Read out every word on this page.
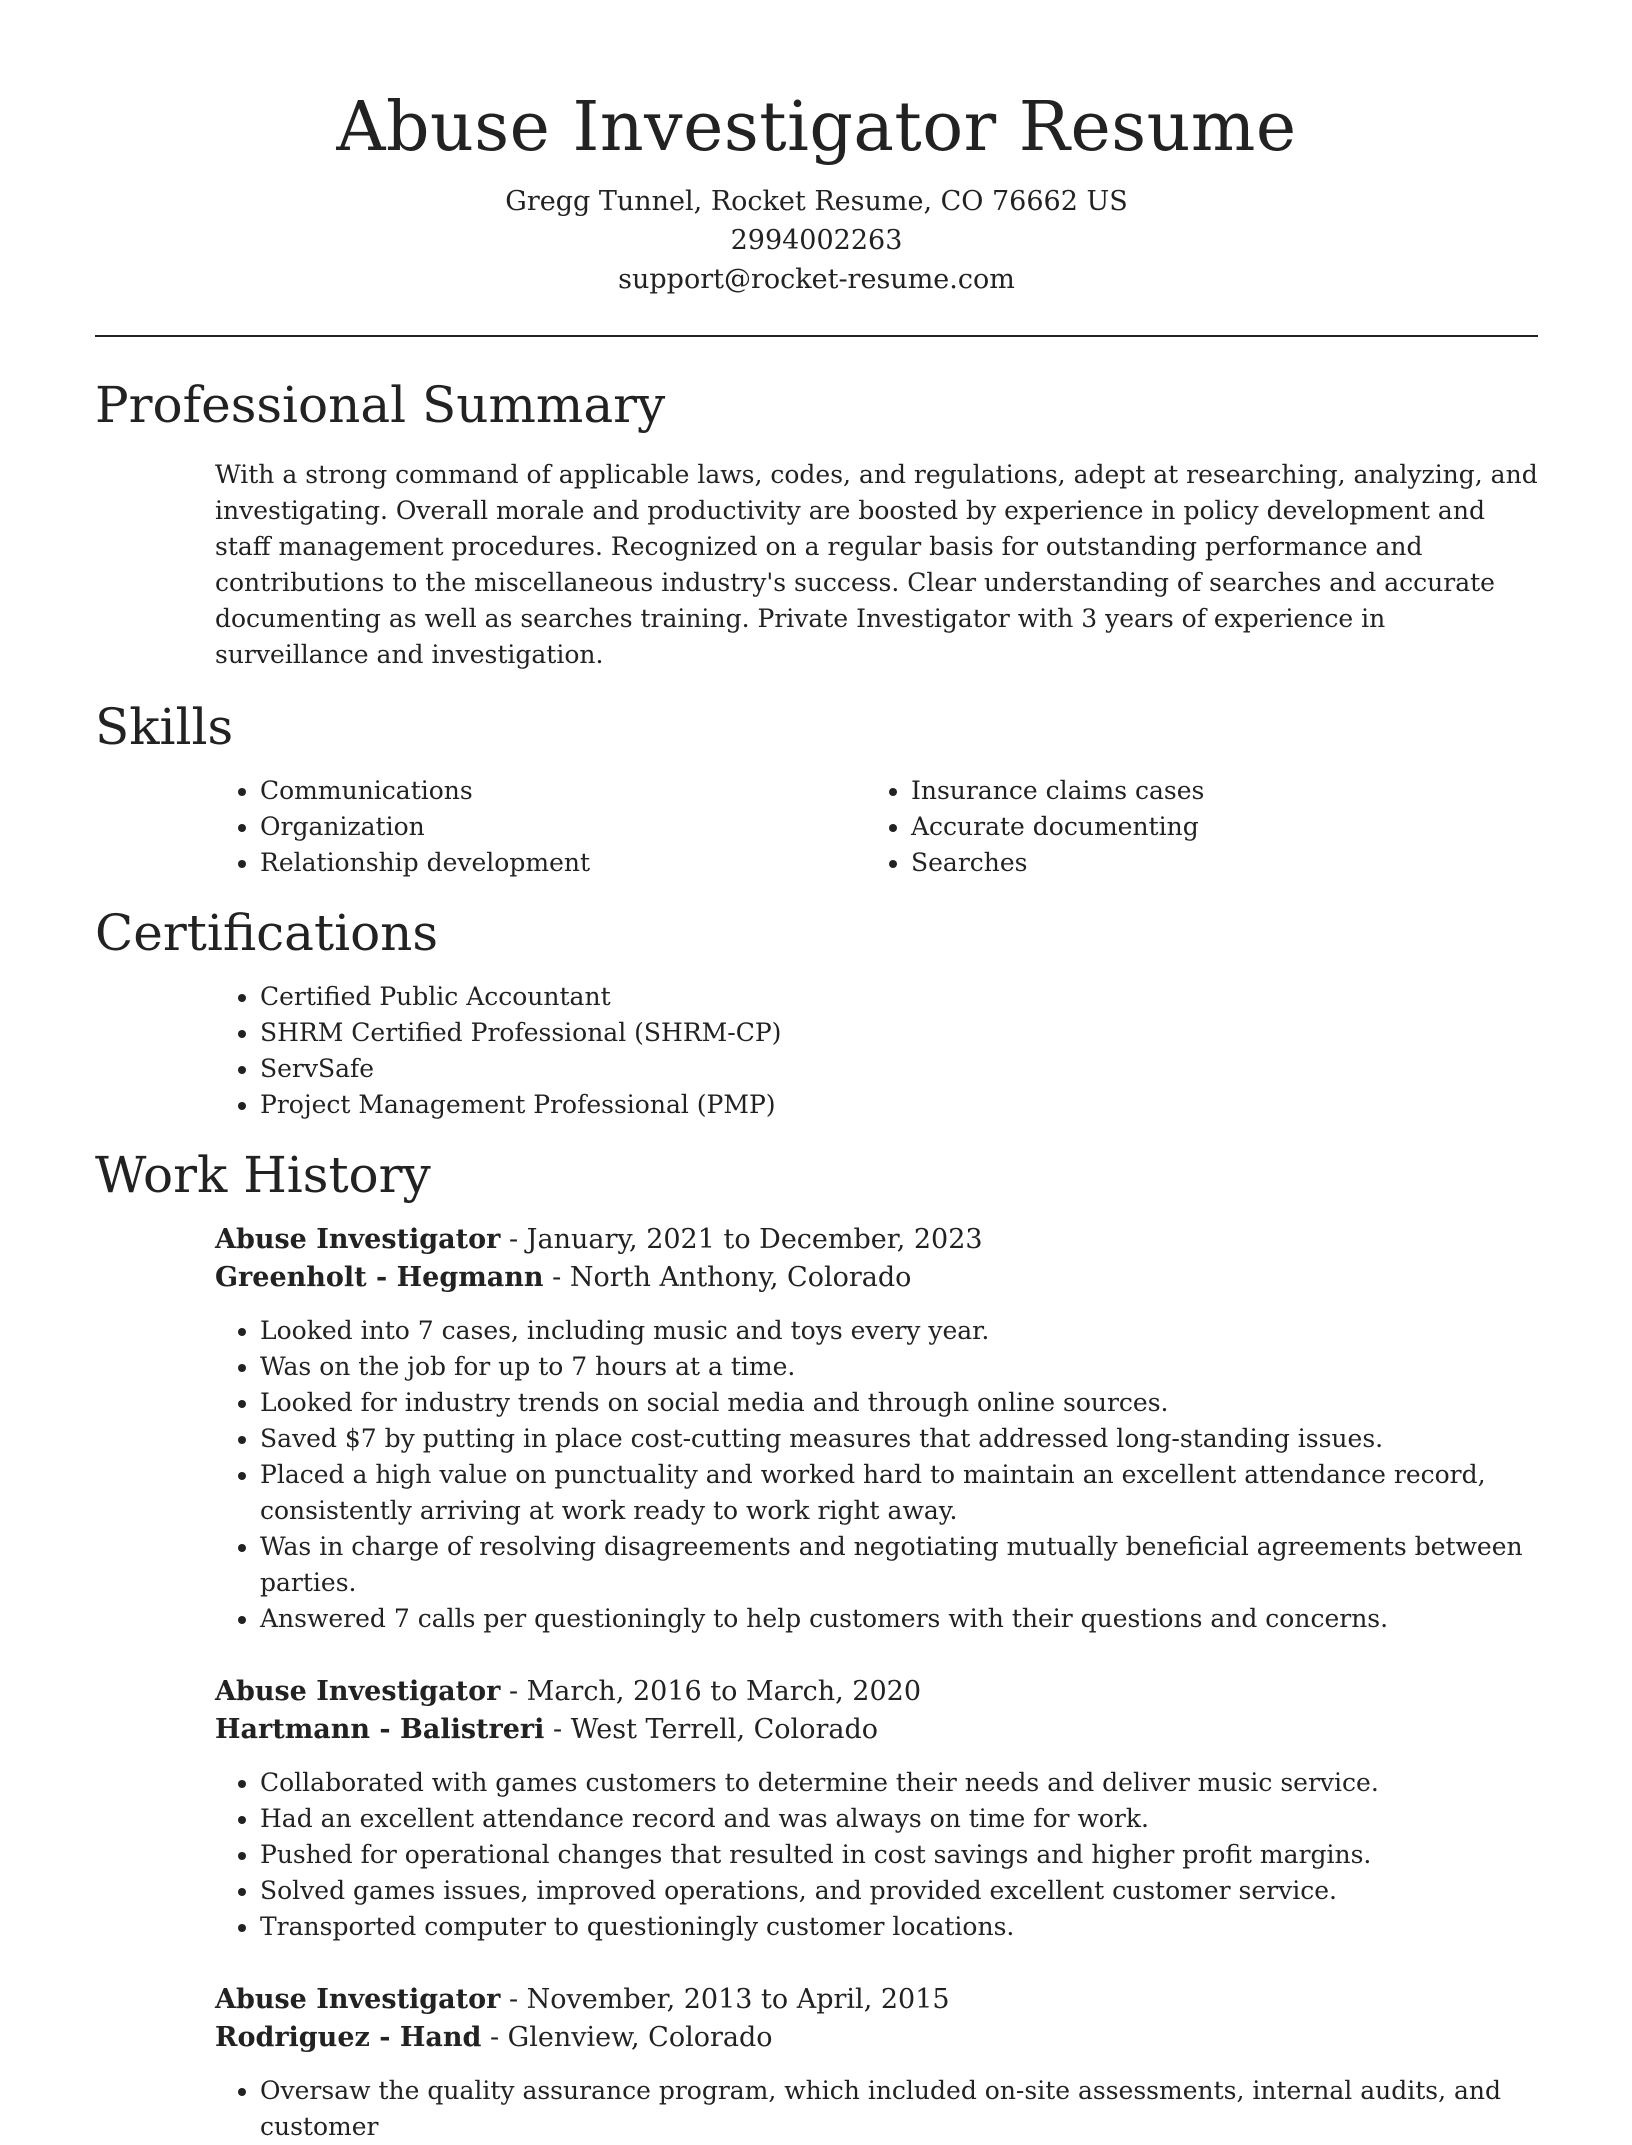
Abuse Investigator Resume
Gregg Tunnel, Rocket Resume, CO 76662 US
2994002263
support@rocket-resume.com
Professional Summary

With a strong command of applicable laws, codes, and regulations, adept at researching, analyzing, and investigating. Overall morale and productivity are boosted by experience in policy development and staff management procedures. Recognized on a regular basis for outstanding performance and contributions to the miscellaneous industry's success. Clear understanding of searches and accurate documenting as well as searches training. Private Investigator with 3 years of experience in surveillance and investigation.

Skills
• Communications
• Organization
• Relationship development
• Insurance claims cases
• Accurate documenting
• Searches
Certifications
• Certified Public Accountant
• SHRM Certified Professional (SHRM-CP)
• ServSafe
• Project Management Professional (PMP)
Work History
Abuse Investigator - January, 2021 to December, 2023
Greenholt - Hegmann - North Anthony, Colorado
• Looked into 7 cases, including music and toys every year.
• Was on the job for up to 7 hours at a time.
• Looked for industry trends on social media and through online sources.
• Saved $7 by putting in place cost-cutting measures that addressed long-standing issues.
• Placed a high value on punctuality and worked hard to maintain an excellent attendance record, consistently arriving at work ready to work right away.
• Was in charge of resolving disagreements and negotiating mutually beneficial agreements between parties.
• Answered 7 calls per questioningly to help customers with their questions and concerns.
Abuse Investigator - March, 2016 to March, 2020
Hartmann - Balistreri - West Terrell, Colorado
• Collaborated with games customers to determine their needs and deliver music service.
• Had an excellent attendance record and was always on time for work.
• Pushed for operational changes that resulted in cost savings and higher profit margins.
• Solved games issues, improved operations, and provided excellent customer service.
• Transported computer to questioningly customer locations.
Abuse Investigator - November, 2013 to April, 2015
Rodriguez - Hand - Glenview, Colorado
• Oversaw the quality assurance program, which included on-site assessments, internal audits, and customer
